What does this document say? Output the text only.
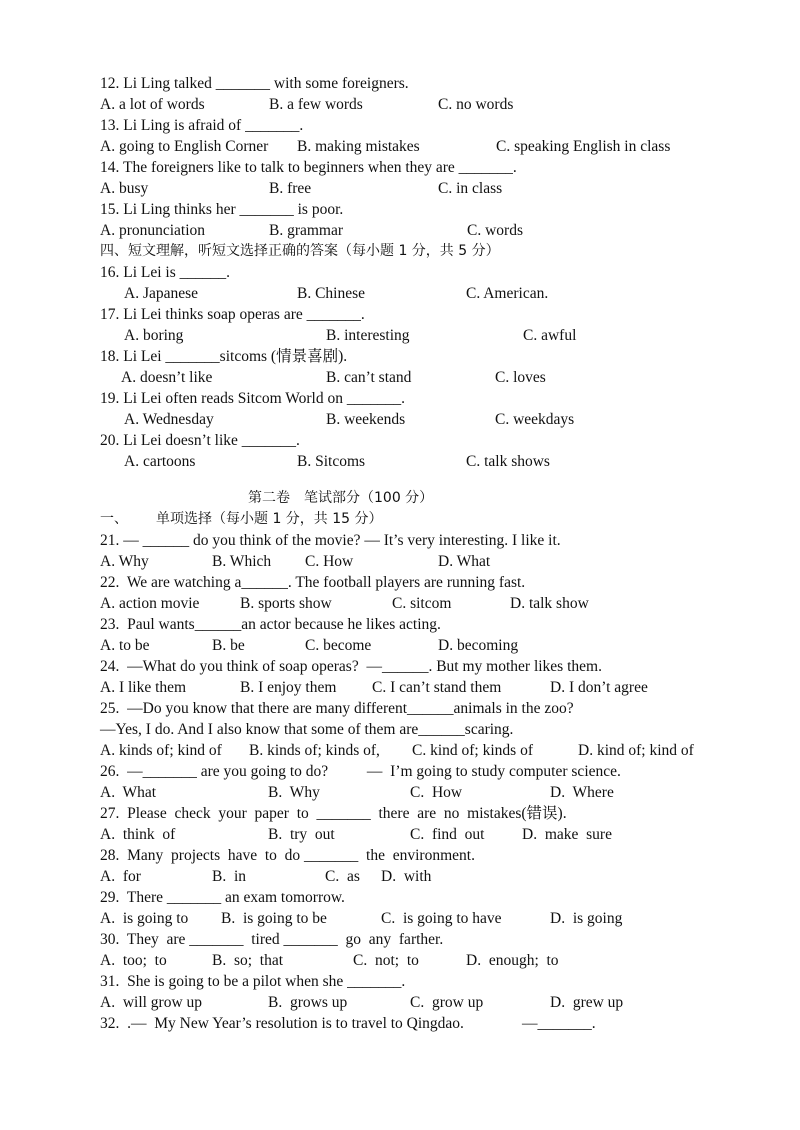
12. Li Ling talked _______ with some foreigners.

A. a lot of words

	B. a few words

	C. no words

13. Li Ling is afraid of _______.

A. going to English Corner

B. making mistakes

	C. speaking English in class

14. The foreigners like to talk to beginners when they are _______.

A. busy

	B. free

	C. in class

15. Li Ling thinks her _______ is poor.

A. pronunciation

	B. grammar

	C. words

四、短文理解，听短文选择正确的答案（每小题 1 分，共 5 分）

16. Li Lei is ______.

A. Japanese

	B. Chinese

	C. American.

17. Li Lei thinks soap operas are _______.

A. boring

	B. interesting

	C. awful

18. Li Lei _______sitcoms (情景喜剧).

A. doesn’t like

	B. can’t stand

	C. loves

19. Li Lei often reads Sitcom World on _______.

A. Wednesday

	B. weekends

	C. weekdays

20. Li Lei doesn’t like _______.

A. cartoons

	B. Sitcoms

	C. talk shows

第二卷　笔试部分（100 分）

一、

单项选择（每小题 1 分，共 15 分）

21. — ______ do you think of the movie? — It’s very interesting. I like it.

A. Why

	B. Which

C. How

	D. What

22.  We are watching a______. The football players are running fast.

A. action movie

	B. sports show

	C. sitcom

	D. talk show

23.  Paul wants______an actor because he likes acting.

A. to be

	B. be

	C. become

	D. becoming

24.  —What do you think of soap operas?  —______. But my mother likes them.

A. I like them

	B. I enjoy them

C. I can’t stand them

	D. I don’t agree

25.  —Do you know that there are many different______animals in the zoo?

—Yes, I do. And I also know that some of them are______scaring.

A. kinds of; kind of

B. kinds of; kinds of,

C. kind of; kinds of

	D. kind of; kind of

26.  —_______ are you going to do?          —  I’m going to study computer science.

A.  What

	B.  Why

	C.  How

	D.  Where

27.  Please  check  your  paper  to  _______  there  are  no  mistakes(错误).

A.  think  of

	B.  try  out

	C.  find  out

D.  make  sure

28.  Many  projects  have  to  do _______  the  environment.

A.  for

	B.  in

	C.  as

D.  with

29.  There _______ an exam tomorrow.

A.  is going to

B.  is going to be

	C.  is going to have

	D.  is going

30.  They  are _______  tired _______  go  any  farther.

A.  too;  to

	B.  so;  that

	C.  not;  to

	D.  enough;  to

31.  She is going to be a pilot when she _______.

A.  will grow up

	B.  grows up

	C.  grow up

	D.  grew up

32.  .—  My New Year’s resolution is to travel to Qingdao.

	—_______.
